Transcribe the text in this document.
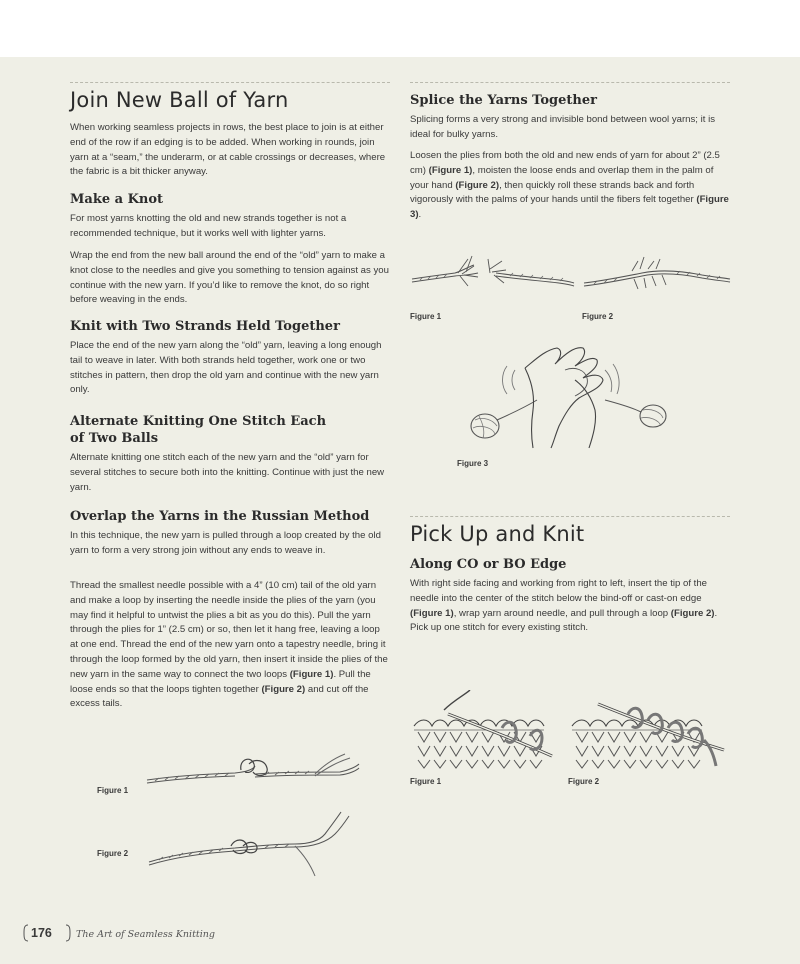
Join New Ball of Yarn

When working seamless projects in rows, the best place to join is at either end of the row if an edging is to be added. When working in rounds, join yarn at a “seam,” the underarm, or at cable crossings or decreases, where the fabric is a bit thicker anyway.

Make a Knot

For most yarns knotting the old and new strands together is not a recommended technique, but it works well with lighter yarns.

Wrap the end from the new ball around the end of the “old” yarn to make a knot close to the needles and give you something to tension against as you continue with the new yarn. If you’d like to remove the knot, do so right before weaving in the ends.

Knit with Two Strands Held Together

Place the end of the new yarn along the “old” yarn, leaving a long enough tail to weave in later. With both strands held together, work one or two stitches in pattern, then drop the old yarn and continue with the new yarn only.

Alternate Knitting One Stitch Each
of Two Balls

Alternate knitting one stitch each of the new yarn and the “old” yarn for several stitches to secure both into the knitting. Continue with just the new yarn.

Overlap the Yarns in the Russian Method

In this technique, the new yarn is pulled through a loop created by the old yarn to form a very strong join without any ends to weave in.

Thread the smallest needle possible with a 4” (10 cm) tail of the old yarn and make a loop by inserting the needle inside the plies of the yarn (you may find it helpful to untwist the plies a bit as you do this). Pull the yarn through the plies for 1” (2.5 cm) or so, then let it hang free, leaving a loop at one end. Thread the end of the new yarn onto a tapestry needle, bring it through the loop formed by the old yarn, then insert it inside the plies of the new yarn in the same way to connect the two loops (Figure 1). Pull the loose ends so that the loops tighten together (Figure 2) and cut off the excess tails.

Figure 1
Figure 2
Splice the Yarns Together

Splicing forms a very strong and invisible bond between wool yarns; it is ideal for bulky yarns.

Loosen the plies from both the old and new ends of yarn for about 2” (2.5 cm) (Figure 1), moisten the loose ends and overlap them in the palm of your hand (Figure 2), then quickly roll these strands back and forth vigorously with the palms of your hands until the fibers felt together (Figure 3).

Figure 1	Figure 2
Figure 3
Pick Up and Knit
Along CO or BO Edge

With right side facing and working from right to left, insert the tip of the needle into the center of the stitch below the bind-off or cast-on edge (Figure 1), wrap yarn around needle, and pull through a loop (Figure 2). Pick up one stitch for every existing stitch.

Figure 1	Figure 2
176	The Art of Seamless Knitting
